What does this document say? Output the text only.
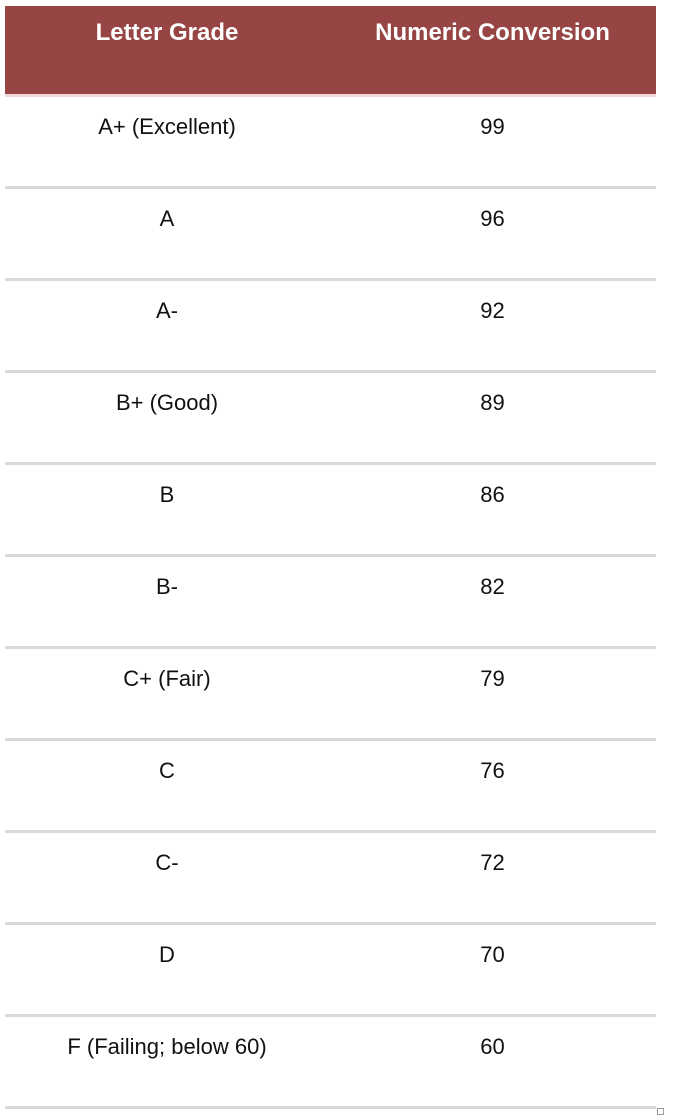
Letter Grade	Numeric Conversion
A+ (Excellent)	99
A	96
A-	92
B+ (Good)	89
B	86
B-	82
C+ (Fair)	79
C	76
C-	72
D	70
F (Failing; below 60)	60
